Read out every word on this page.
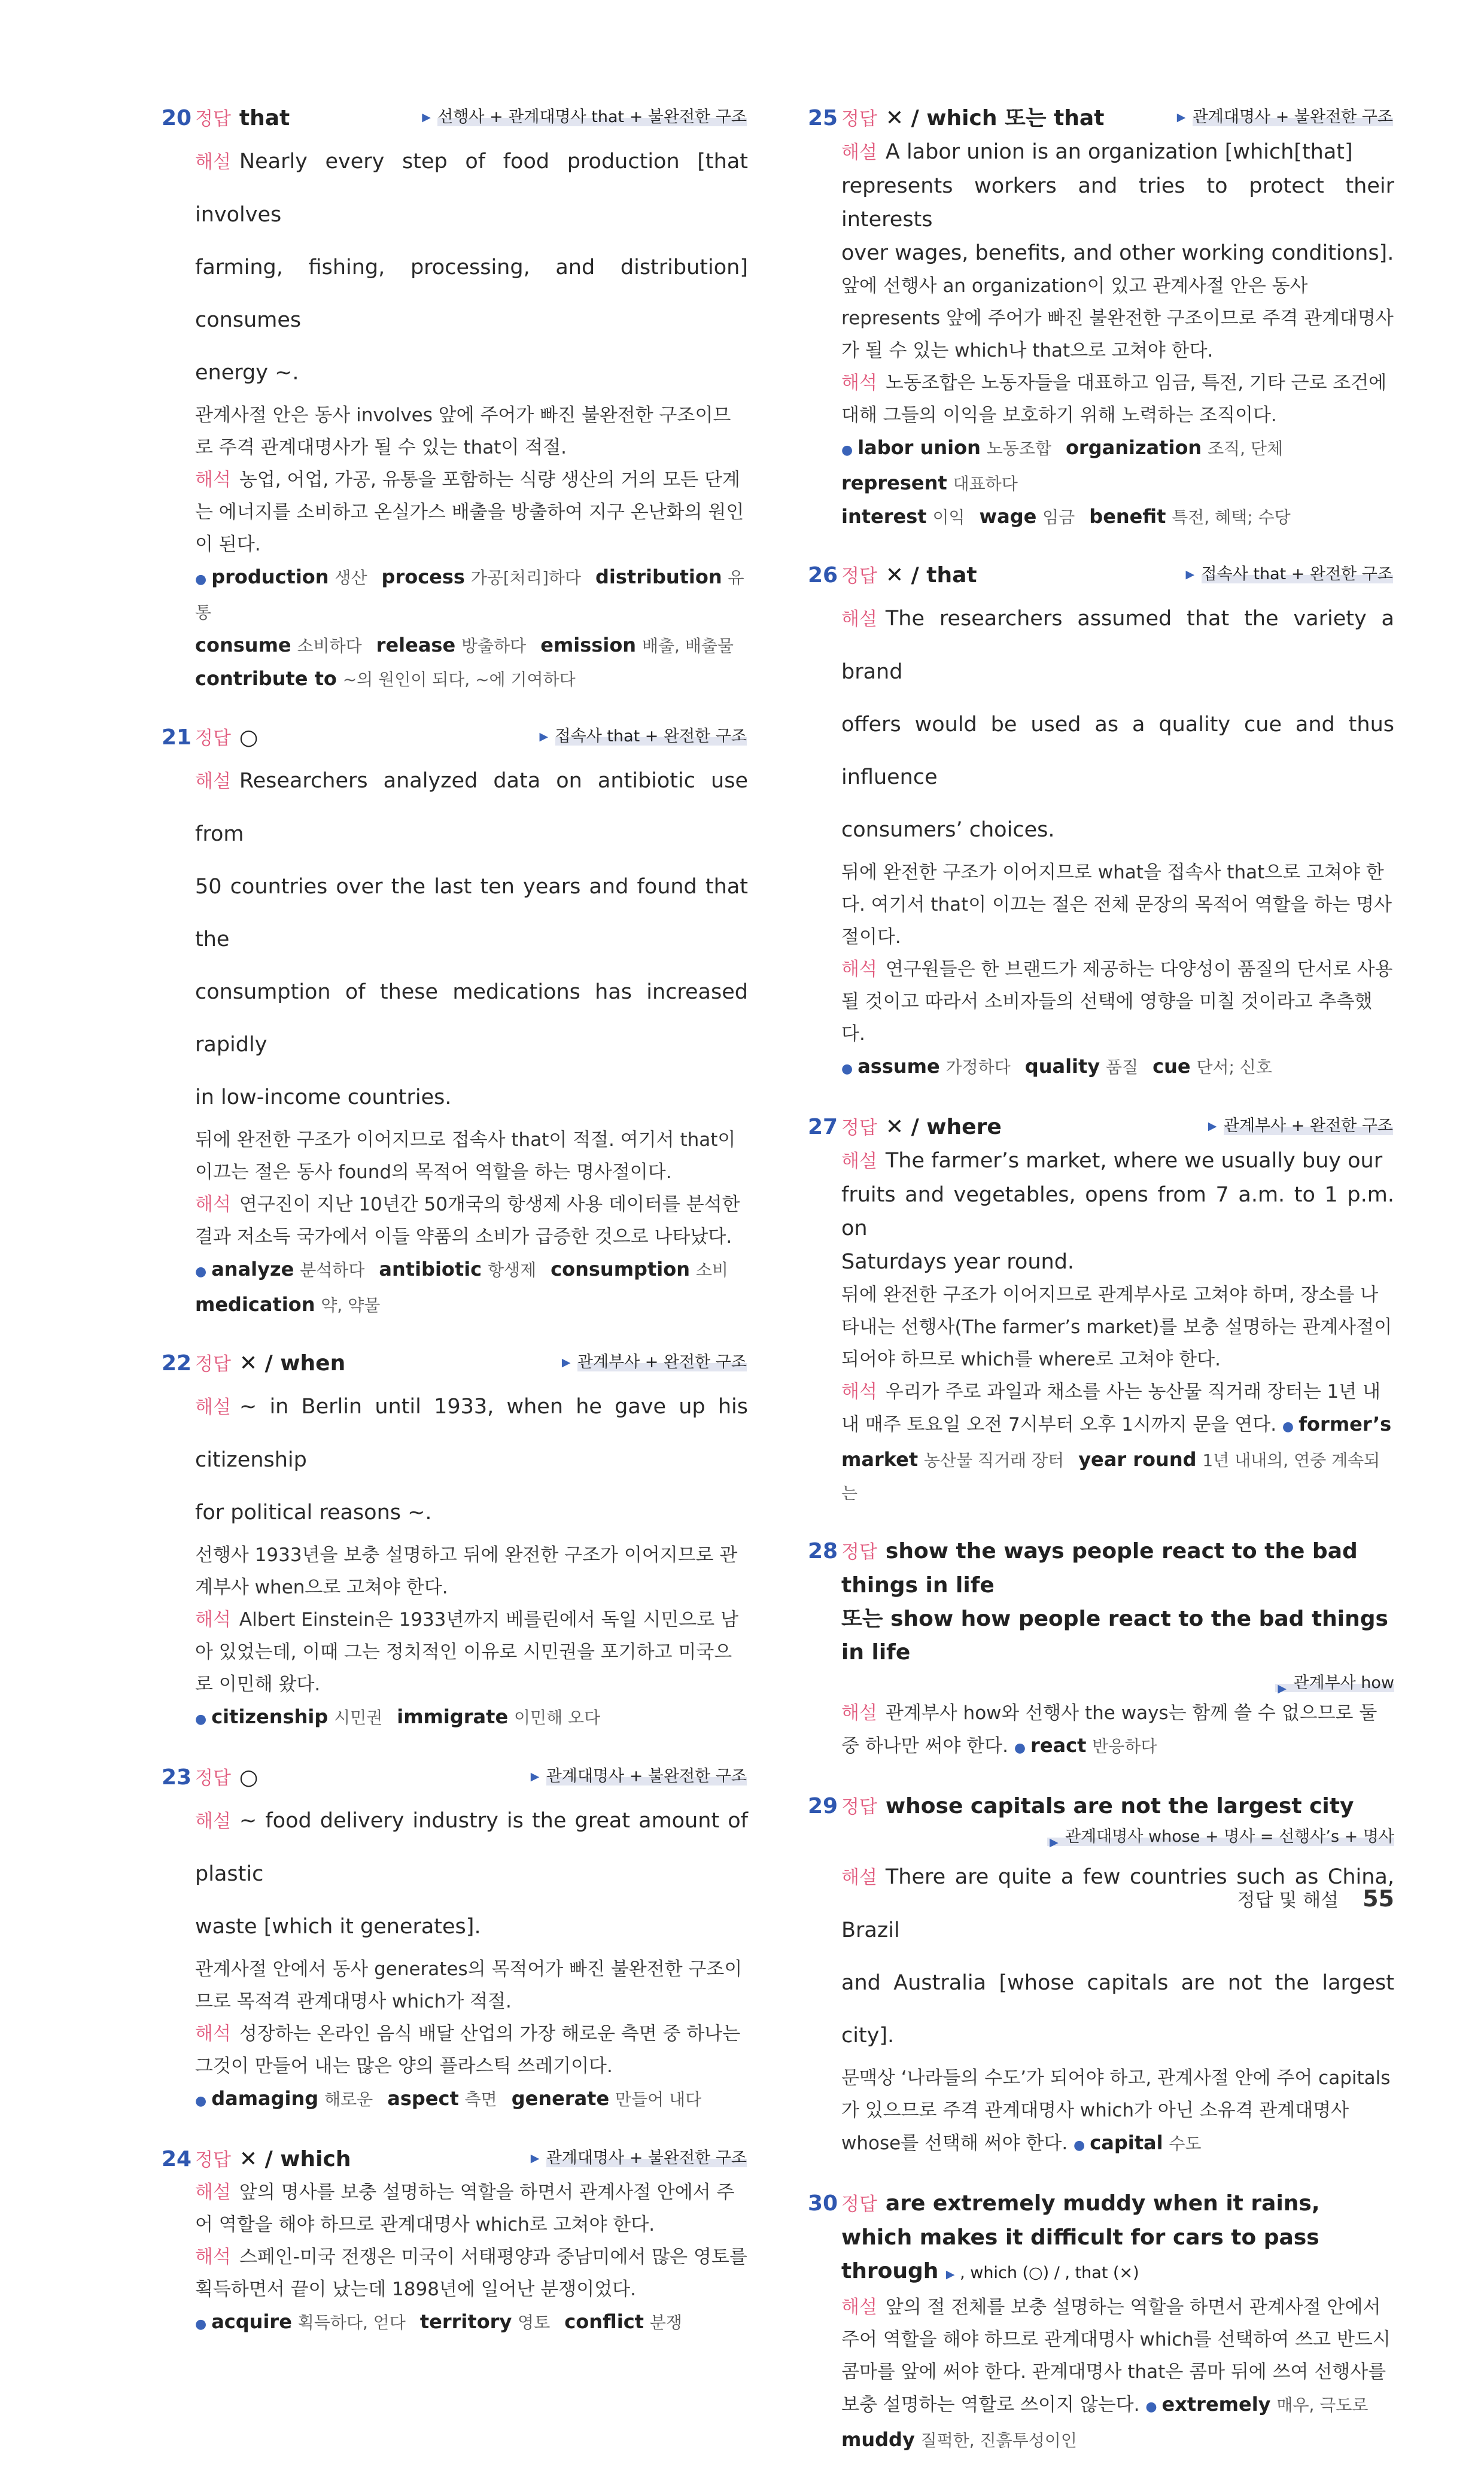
20 정답 that	▶ 선행사 + 관계대명사 that + 불완전한 구조
해설 Nearly every step of food production [that involves
farming, fishing, processing, and distribution] consumes
energy ~.
관계사절 안은 동사 involves 앞에 주어가 빠진 불완전한 구조이므로 주격 관계대명사가 될 수 있는 that이 적절.
해석 농업, 어업, 가공, 유통을 포함하는 식량 생산의 거의 모든 단계는 에너지를 소비하고 온실가스 배출을 방출하여 지구 온난화의 원인이 된다.
● production 생산 process 가공[처리]하다 distribution 유통
consume 소비하다 release 방출하다 emission 배출, 배출물
contribute to ~의 원인이 되다, ~에 기여하다
21 정답 ○	▶ 접속사 that + 완전한 구조
해설 Researchers analyzed data on antibiotic use from
50 countries over the last ten years and found that the
consumption of these medications has increased rapidly
in low-income countries.
뒤에 완전한 구조가 이어지므로 접속사 that이 적절. 여기서 that이 이끄는 절은 동사 found의 목적어 역할을 하는 명사절이다.
해석 연구진이 지난 10년간 50개국의 항생제 사용 데이터를 분석한 결과 저소득 국가에서 이들 약품의 소비가 급증한 것으로 나타났다.
● analyze 분석하다 antibiotic 항생제 consumption 소비
medication 약, 약물
22 정답 ✕ / when	▶ 관계부사 + 완전한 구조
해설 ~ in Berlin until 1933, when he gave up his citizenship
for political reasons ~.
선행사 1933년을 보충 설명하고 뒤에 완전한 구조가 이어지므로 관계부사 when으로 고쳐야 한다.
해석 Albert Einstein은 1933년까지 베를린에서 독일 시민으로 남아 있었는데, 이때 그는 정치적인 이유로 시민권을 포기하고 미국으로 이민해 왔다.
● citizenship 시민권 immigrate 이민해 오다
23 정답 ○	▶ 관계대명사 + 불완전한 구조
해설 ~ food delivery industry is the great amount of plastic
waste [which it generates].
관계사절 안에서 동사 generates의 목적어가 빠진 불완전한 구조이므로 목적격 관계대명사 which가 적절.
해석 성장하는 온라인 음식 배달 산업의 가장 해로운 측면 중 하나는 그것이 만들어 내는 많은 양의 플라스틱 쓰레기이다.
● damaging 해로운 aspect 측면 generate 만들어 내다
24 정답 ✕ / which	▶ 관계대명사 + 불완전한 구조
해설 앞의 명사를 보충 설명하는 역할을 하면서 관계사절 안에서 주어 역할을 해야 하므로 관계대명사 which로 고쳐야 한다.
해석 스페인-미국 전쟁은 미국이 서태평양과 중남미에서 많은 영토를 획득하면서 끝이 났는데 1898년에 일어난 분쟁이었다.
● acquire 획득하다, 얻다 territory 영토 conflict 분쟁
25 정답 ✕ / which 또는 that	▶ 관계대명사 + 불완전한 구조
해설 A labor union is an organization [which[that]
represents workers and tries to protect their interests
over wages, benefits, and other working conditions].
앞에 선행사 an organization이 있고 관계사절 안은 동사 represents 앞에 주어가 빠진 불완전한 구조이므로 주격 관계대명사가 될 수 있는 which나 that으로 고쳐야 한다.
해석 노동조합은 노동자들을 대표하고 임금, 특전, 기타 근로 조건에 대해 그들의 이익을 보호하기 위해 노력하는 조직이다.
● labor union 노동조합 organization 조직, 단체represent 대표하다
interest 이익 wage 임금 benefit 특전, 혜택; 수당
26 정답 ✕ / that	▶ 접속사 that + 완전한 구조
해설 The researchers assumed that the variety a brand
offers would be used as a quality cue and thus influence
consumers’ choices.
뒤에 완전한 구조가 이어지므로 what을 접속사 that으로 고쳐야 한다. 여기서 that이 이끄는 절은 전체 문장의 목적어 역할을 하는 명사절이다.
해석 연구원들은 한 브랜드가 제공하는 다양성이 품질의 단서로 사용될 것이고 따라서 소비자들의 선택에 영향을 미칠 것이라고 추측했다.
● assume 가정하다 quality 품질 cue 단서; 신호
27 정답 ✕ / where	▶ 관계부사 + 완전한 구조
해설 The farmer’s market, where we usually buy our
fruits and vegetables, opens from 7 a.m. to 1 p.m. on
Saturdays year round.
뒤에 완전한 구조가 이어지므로 관계부사로 고쳐야 하며, 장소를 나타내는 선행사(The farmer’s market)를 보충 설명하는 관계사절이 되어야 하므로 which를 where로 고쳐야 한다.
해석 우리가 주로 과일과 채소를 사는 농산물 직거래 장터는 1년 내내 매주 토요일 오전 7시부터 오후 1시까지 문을 연다. ● former’s market 농산물 직거래 장터 year round 1년 내내의, 연중 계속되는
28 정답 show the ways people react to the bad things in life
또는 show how people react to the bad things in life
▶ 관계부사 how
해설 관계부사 how와 선행사 the ways는 함께 쓸 수 없으므로 둘 중 하나만 써야 한다. ● react 반응하다
29 정답 whose capitals are not the largest city
▶ 관계대명사 whose + 명사 = 선행사’s + 명사
해설 There are quite a few countries such as China, Brazil
and Australia [whose capitals are not the largest city].
문맥상 ‘나라들의 수도’가 되어야 하고, 관계사절 안에 주어 capitals가 있으므로 주격 관계대명사 which가 아닌 소유격 관계대명사 whose를 선택해 써야 한다. ● capital 수도
30 정답 are extremely muddy when it rains, which makes it difficult for cars to pass through ▶ , which (○) / , that (×)
해설 앞의 절 전체를 보충 설명하는 역할을 하면서 관계사절 안에서 주어 역할을 해야 하므로 관계대명사 which를 선택하여 쓰고 반드시 콤마를 앞에 써야 한다. 관계대명사 that은 콤마 뒤에 쓰여 선행사를 보충 설명하는 역할로 쓰이지 않는다. ● extremely 매우, 극도로muddy 질퍽한, 진흙투성이인
정답 및 해설 55
